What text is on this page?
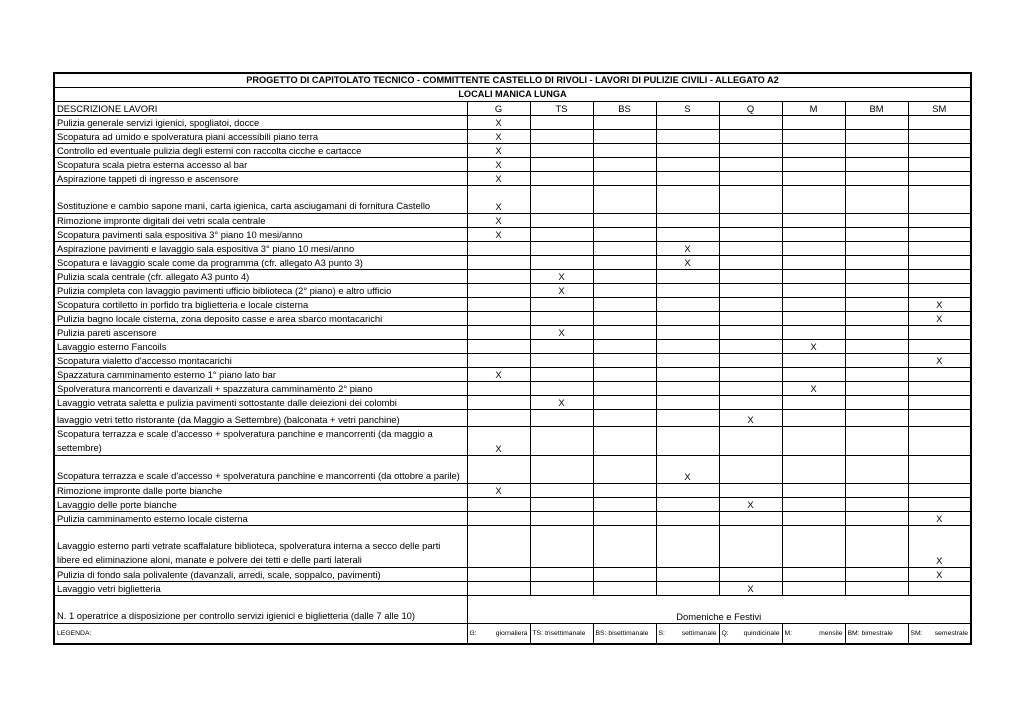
PROGETTO DI CAPITOLATO TECNICO - COMMITTENTE CASTELLO DI RIVOLI - LAVORI DI PULIZIE CIVILI - ALLEGATO A2								
LOCALI MANICA LUNGA								
DESCRIZIONE LAVORI	G	TS	BS	S	Q	M	BM	SM
Pulizia generale servizi igienici, spogliatoi, docce	X							
Scopatura ad umido e spolveratura piani accessibili piano terra	X							
Controllo ed eventuale pulizia degli esterni con raccolta cicche e cartacce	X							
Scopatura scala pietra esterna accesso al bar	X							
Aspirazione tappeti di ingresso e ascensore	X							
Sostituzione e cambio sapone mani, carta igienica, carta asciugamani di fornitura Castello	X							
Rimozione impronte digitali dei vetri scala centrale	X							
Scopatura pavimenti sala espositiva 3° piano 10 mesi/anno	X							
Aspirazione pavimenti e lavaggio sala espositiva 3° piano 10 mesi/anno				X				
Scopatura e lavaggio scale come da programma (cfr. allegato A3 punto 3)				X				
Pulizia scala centrale (cfr. allegato A3 punto 4)		X						
Pulizia completa con lavaggio pavimenti ufficio biblioteca (2° piano) e altro ufficio		X						
Scopatura cortiletto in porfido tra biglietteria e locale cisterna								X
Pulizia bagno locale cisterna, zona deposito casse e area sbarco montacarichi								X
Pulizia pareti ascensore		X						
Lavaggio esterno Fancoils						X		
Scopatura vialetto d'accesso montacarichi								X
Spazzatura camminamento esterno 1° piano lato bar	X							
Spolveratura mancorrenti e davanzali + spazzatura camminamento 2° piano						X		
Lavaggio vetrata saletta e pulizia pavimenti sottostante dalle deiezioni dei colombi		X						
lavaggio vetri tetto ristorante (da Maggio a Settembre) (balconata + vetri panchine)					X			
Scopatura terrazza e scale d'accesso + spolveratura panchine e mancorrenti (da maggio a settembre)	X							
Scopatura terrazza e scale d'accesso + spolveratura panchine e mancorrenti (da ottobre a parile)				X				
Rimozione impronte dalle porte bianche	X							
Lavaggio delle porte bianche					X			
Pulizia camminamento esterno locale cisterna								X
Lavaggio esterno parti vetrate scaffalature biblioteca, spolveratura interna a secco delle parti libere ed eliminazione aloni, manate e polvere dei tetti e delle parti laterali								X
Pulizia di fondo sala polivalente (davanzali, arredi, scale, soppalco, pavimenti)								X
Lavaggio vetri biglietteria					X			
N. 1 operatrice a disposizione per controllo servizi igienici e biglietteria (dalle 7 alle 10)	Domeniche e Festivi							
LEGENDA:	G: giornaliera	TS: trisettimanale	BS: bisettimanale	S: settimanale	Q: quindicinale	M: mensile	BM: bimestrale	SM: semestrale
